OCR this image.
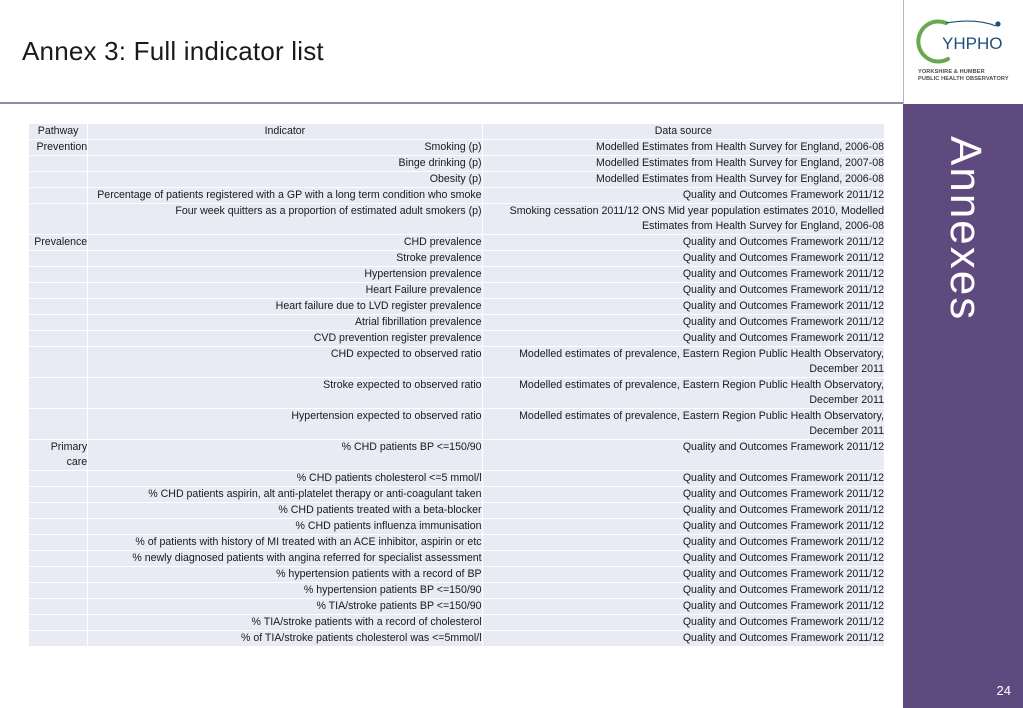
Annex 3: Full indicator list	YHPHO
YORKSHIRE & HUMBER
PUBLIC HEALTH OBSERVATORY
Annexes
24
Pathway	Indicator	Data source
Prevention	Smoking (p)	Modelled Estimates from Health Survey for England, 2006-08
	Binge drinking (p)	Modelled Estimates from Health Survey for England, 2007-08
	Obesity (p)	Modelled Estimates from Health Survey for England, 2006-08
	Percentage of patients registered with a GP with a long term condition who smoke	Quality and Outcomes Framework 2011/12
	Four week quitters as a proportion of estimated adult smokers (p)	Smoking cessation 2011/12 ONS Mid year population estimates 2010, Modelled Estimates from Health Survey for England, 2006-08
Prevalence	CHD prevalence	Quality and Outcomes Framework 2011/12
	Stroke prevalence	Quality and Outcomes Framework 2011/12
	Hypertension prevalence	Quality and Outcomes Framework 2011/12
	Heart Failure prevalence	Quality and Outcomes Framework 2011/12
	Heart failure due to LVD register prevalence	Quality and Outcomes Framework 2011/12
	Atrial fibrillation prevalence	Quality and Outcomes Framework 2011/12
	CVD prevention register prevalence	Quality and Outcomes Framework 2011/12
	CHD expected to observed ratio	Modelled estimates of prevalence, Eastern Region Public Health Observatory, December 2011
	Stroke expected to observed ratio	Modelled estimates of prevalence, Eastern Region Public Health Observatory, December 2011
	Hypertension expected to observed ratio	Modelled estimates of prevalence, Eastern Region Public Health Observatory, December 2011
Primary care	% CHD patients BP <=150/90	Quality and Outcomes Framework 2011/12
	% CHD patients cholesterol <=5 mmol/l	Quality and Outcomes Framework 2011/12
	% CHD patients aspirin, alt anti-platelet therapy or anti-coagulant taken	Quality and Outcomes Framework 2011/12
	% CHD patients treated with a beta-blocker	Quality and Outcomes Framework 2011/12
	% CHD patients influenza immunisation	Quality and Outcomes Framework 2011/12
	% of patients with history of MI treated with an ACE inhibitor, aspirin or etc	Quality and Outcomes Framework 2011/12
	% newly diagnosed patients with angina referred for specialist assessment	Quality and Outcomes Framework 2011/12
	% hypertension patients with a record of BP	Quality and Outcomes Framework 2011/12
	% hypertension patients BP <=150/90	Quality and Outcomes Framework 2011/12
	% TIA/stroke patients BP <=150/90	Quality and Outcomes Framework 2011/12
	% TIA/stroke patients with a record of cholesterol	Quality and Outcomes Framework 2011/12
	% of TIA/stroke patients cholesterol was <=5mmol/l	Quality and Outcomes Framework 2011/12
